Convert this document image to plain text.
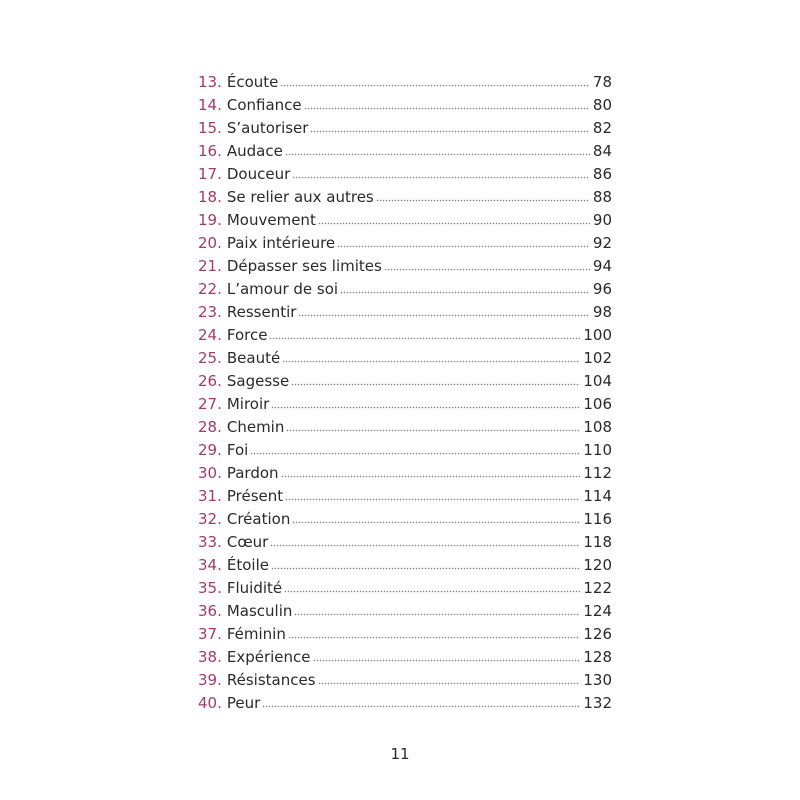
13. Écoute	78
14. Confiance	80
15. S’autoriser	82
16. Audace	84
17. Douceur	86
18. Se relier aux autres	88
19. Mouvement	90
20. Paix intérieure	92
21. Dépasser ses limites	94
22. L’amour de soi	96
23. Ressentir	98
24. Force	100
25. Beauté	102
26. Sagesse	104
27. Miroir	106
28. Chemin	108
29. Foi	110
30. Pardon	112
31. Présent	114
32. Création	116
33. Cœur	118
34. Étoile	120
35. Fluidité	122
36. Masculin	124
37. Féminin	126
38. Expérience	128
39. Résistances	130
40. Peur	132
11
